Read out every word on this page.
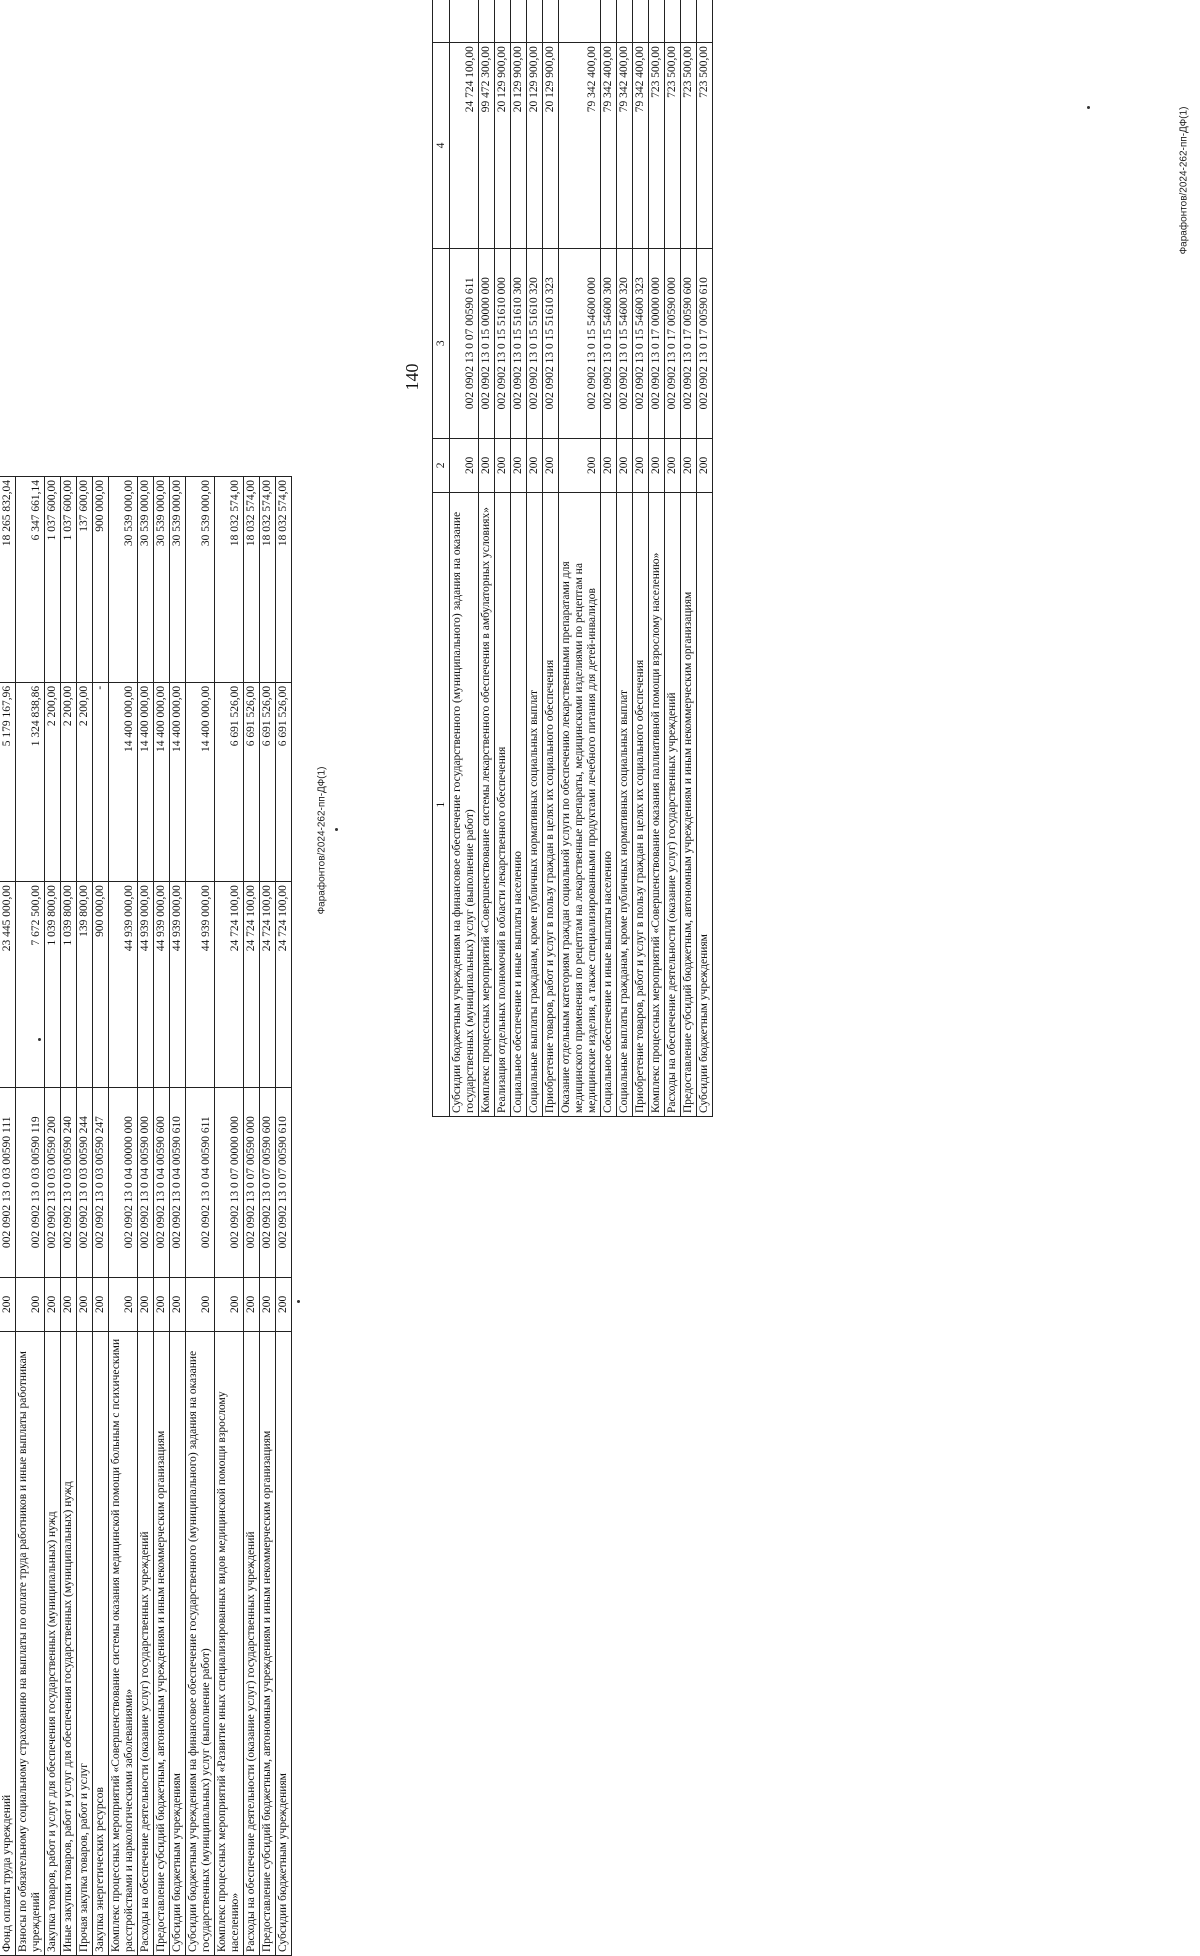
Фонд оплаты труда учреждений	200	002 0902 13 0 03 00590 111	23 445 000,00	5 179 167,96	18 265 832,04
Взносы по обязательному социальному страхованию на выплаты по оплате труда работников и иные выплаты работникам учреждений	200	002 0902 13 0 03 00590 119	7 672 500,00	1 324 838,86	6 347 661,14
Закупка товаров, работ и услуг для обеспечения государственных (муниципальных) нужд	200	002 0902 13 0 03 00590 200	1 039 800,00	2 200,00	1 037 600,00
Иные закупки товаров, работ и услуг для обеспечения государственных (муниципальных) нужд	200	002 0902 13 0 03 00590 240	1 039 800,00	2 200,00	1 037 600,00
Прочая закупка товаров, работ и услуг	200	002 0902 13 0 03 00590 244	139 800,00	2 200,00	137 600,00
Закупка энергетических ресурсов	200	002 0902 13 0 03 00590 247	900 000,00	-	900 000,00
Комплекс процессных мероприятий «Совершенствование системы оказания медицинской помощи больным с психическими расстройствами и наркологическими заболеваниями»	200	002 0902 13 0 04 00000 000	44 939 000,00	14 400 000,00	30 539 000,00
Расходы на обеспечение деятельности (оказание услуг) государственных учреждений	200	002 0902 13 0 04 00590 000	44 939 000,00	14 400 000,00	30 539 000,00
Предоставление субсидий бюджетным, автономным учреждениям и иным некоммерческим организациям	200	002 0902 13 0 04 00590 600	44 939 000,00	14 400 000,00	30 539 000,00
Субсидии бюджетным учреждениям	200	002 0902 13 0 04 00590 610	44 939 000,00	14 400 000,00	30 539 000,00
Субсидии бюджетным учреждениям на финансовое обеспечение государственного (муниципального) задания на оказание государственных (муниципальных) услуг (выполнение работ)	200	002 0902 13 0 04 00590 611	44 939 000,00	14 400 000,00	30 539 000,00
Комплекс процессных мероприятий «Развитие иных специализированных видов медицинской помощи взрослому населению»	200	002 0902 13 0 07 00000 000	24 724 100,00	6 691 526,00	18 032 574,00
Расходы на обеспечение деятельности (оказание услуг) государственных учреждений	200	002 0902 13 0 07 00590 000	24 724 100,00	6 691 526,00	18 032 574,00
Предоставление субсидий бюджетным, автономным учреждениям и иным некоммерческим организациям	200	002 0902 13 0 07 00590 600	24 724 100,00	6 691 526,00	18 032 574,00
Субсидии бюджетным учреждениям	200	002 0902 13 0 07 00590 610	24 724 100,00	6 691 526,00	18 032 574,00
140
1	2	3	4		
Субсидии бюджетным учреждениям на финансовое обеспечение государственного (муниципального) задания на оказание государственных (муниципальных) услуг (выполнение работ)	200	002 0902 13 0 07 00590 611	24 724 100,00		
Комплекс процессных мероприятий «Совершенствование системы лекарственного обеспечения в амбулаторных условиях»	200	002 0902 13 0 15 00000 000	99 472 300,00		
Реализация отдельных полномочий в области лекарственного обеспечения	200	002 0902 13 0 15 51610 000	20 129 900,00		
Социальное обеспечение и иные выплаты населению	200	002 0902 13 0 15 51610 300	20 129 900,00		
Социальные выплаты гражданам, кроме публичных нормативных социальных выплат	200	002 0902 13 0 15 51610 320	20 129 900,00		
Приобретение товаров, работ и услуг в пользу граждан в целях их социального обеспечения	200	002 0902 13 0 15 51610 323	20 129 900,00		
Оказание отдельным категориям граждан социальной услуги по обеспечению лекарственными препаратами для медицинского применения по рецептам на лекарственные препараты, медицинскими изделиями по рецептам на медицинские изделия, а также специализированными продуктами лечебного питания для детей-инвалидов	200	002 0902 13 0 15 54600 000	79 342 400,00		
Социальное обеспечение и иные выплаты населению	200	002 0902 13 0 15 54600 300	79 342 400,00		
Социальные выплаты гражданам, кроме публичных нормативных социальных выплат	200	002 0902 13 0 15 54600 320	79 342 400,00		
Приобретение товаров, работ и услуг в пользу граждан в целях их социального обеспечения	200	002 0902 13 0 15 54600 323	79 342 400,00		
Комплекс процессных мероприятий «Совершенствование оказания паллиативной помощи взрослому населению»	200	002 0902 13 0 17 00000 000	723 500,00		
Расходы на обеспечение деятельности (оказание услуг) государственных учреждений	200	002 0902 13 0 17 00590 000	723 500,00		
Предоставление субсидий бюджетным, автономным учреждениям и иным некоммерческим организациям	200	002 0902 13 0 17 00590 600	723 500,00		
Субсидии бюджетным учреждениям	200	002 0902 13 0 17 00590 610	723 500,00		
Фарафонтов/2024-262-пп-ДФ(1)
Фарафонтов/2024-262-пп-ДФ(1)
